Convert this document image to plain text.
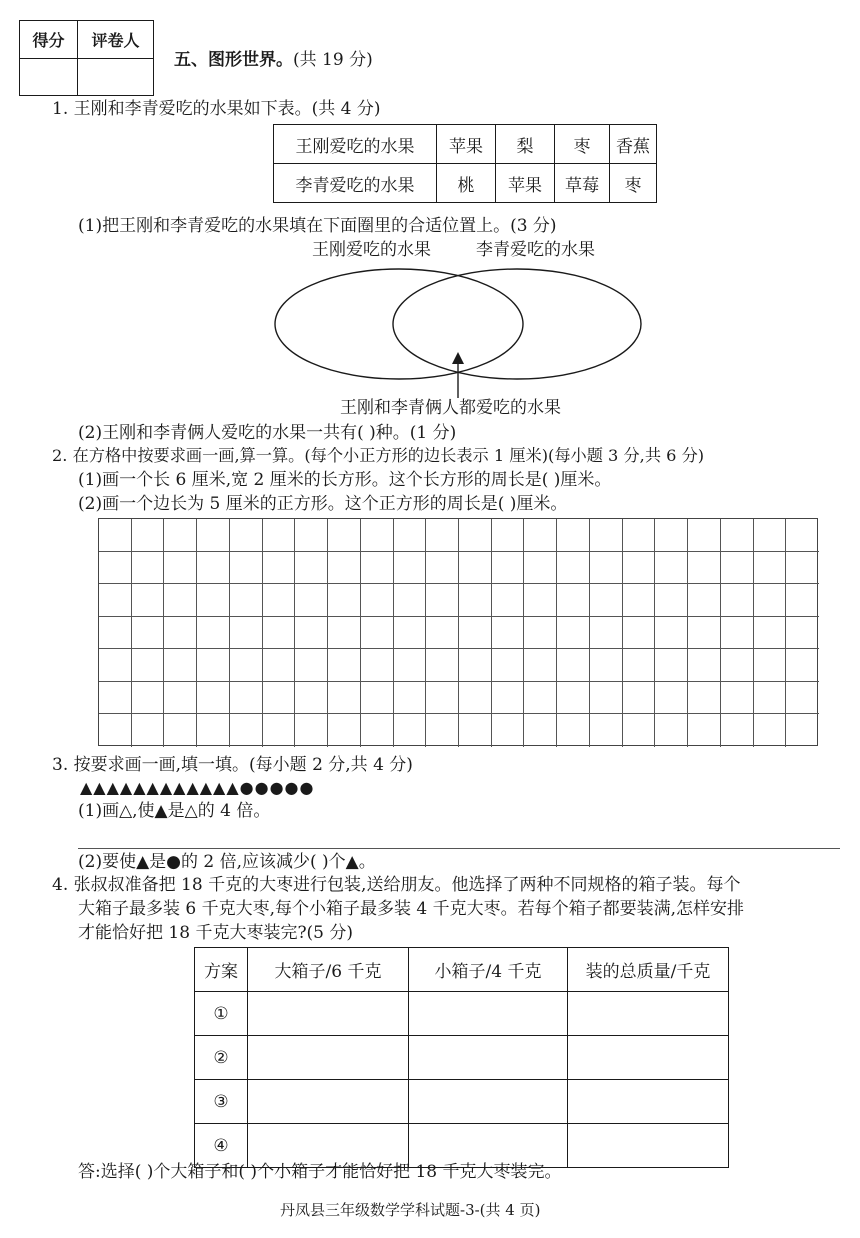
得分	评卷人
五、图形世界。(共 19 分)
1. 王刚和李青爱吃的水果如下表。(共 4 分)
王刚爱吃的水果	苹果	梨	枣	香蕉
李青爱吃的水果	桃	苹果	草莓	枣
(1)把王刚和李青爱吃的水果填在下面圈里的合适位置上。(3 分)
王刚爱吃的水果	李青爱吃的水果
王刚和李青俩人都爱吃的水果
(2)王刚和李青俩人爱吃的水果一共有( )种。(1 分)
2. 在方格中按要求画一画,算一算。(每个小正方形的边长表示 1 厘米)(每小题 3 分,共 6 分)
(1)画一个长 6 厘米,宽 2 厘米的长方形。这个长方形的周长是( )厘米。
(2)画一个边长为 5 厘米的正方形。这个正方形的周长是( )厘米。
3. 按要求画一画,填一填。(每小题 2 分,共 4 分)
▲▲▲▲▲▲▲▲▲▲▲▲●●●●●
(1)画△,使▲是△的 4 倍。
(2)要使▲是●的 2 倍,应该减少( )个▲。
4. 张叔叔准备把 18 千克的大枣进行包装,送给朋友。他选择了两种不同规格的箱子装。每个
大箱子最多装 6 千克大枣,每个小箱子最多装 4 千克大枣。若每个箱子都要装满,怎样安排
才能恰好把 18 千克大枣装完?(5 分)
方案	大箱子/6 千克	小箱子/4 千克	装的总质量/千克
①			
②			
③			
④			
答:选择( )个大箱子和( )个小箱子才能恰好把 18 千克大枣装完。
丹凤县三年级数学学科试题-3-(共 4 页)
